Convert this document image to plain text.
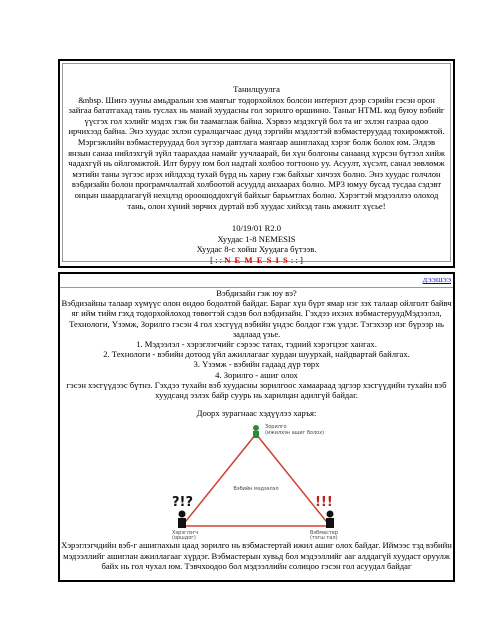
Танилцуулга

&nbsp. Шинэ зууны амьдралын хэв маягыг тодорхойлох болсон интернэт дээр сэрийн гэсэн орон зайгаа бататгахад тань туслах нь манай хуудасны гол зорилго өршинно. Таныг HTML код буюу вэбийг үүсгэх гол хэлийг мэдэх гэж би таамаглаж байна. Хэрвээ мэдэхгүй бол та иг эхлэн газраа одоо ирчихээд байна. Энэ хуудас эхлэн суралцагчаас дунд зэргийн мэдлэгтэй вэбмастеруудад тохиромжтой. Мэргэжлийн вэбмастеруудад бол зүгээр давтлага маягаар ашиглахад хэрэг болж болох юм. Элдэв янзын санаа нийлэхгүй зүйл таарахдаа намайг уучлаарай, би хүн болгоны санаанд хүрсэн бүтээл хийж чадахгүй нь ойлгомжтой. Илт буруу юм бол надтай холбоо тогтооно уу. Асуулт, хүсэлт, санал зөвлөмж мэтийн таны зүгээс ирэх ийлдхэд тухай бүрд нь хариу гэж байхыг хичээх болно. Энэ хуудас голчлон вэбдизайн болон програмчлалтай холбоотой асуудлд анхаарах болно. MP3 юмуу бусад тусдаа сэдэвт онцын шаардлагагүй нехцлэд ороошоддохгүй байхыг барьмтлах болно. Хэрэгтэй мэдээллээ олоход тань, олон хүний зөрчих дуртай вэб хуудас хийхэд тань амжилт хүсье!

10/19/01 R2.0

Хуудас 1-8 NEMESIS

Хуудас 8-с хойш Хуудага бүтээв.

[ : : N E M E S I S : : ]

ДЭЭШЭЭ

Вэбдизайн гэж юу вэ?

Вэбдизайны талаар хүмүүс олон өндөо бодолтой байдаг. Бараг хүн бүрт ямар нэг зэх талаар ойлголт байвч яг ийм тийм гэхд тодорхойлоход төвөгтэй сэдэв бол вэбдизайн. Гэхдээ ихэнх вэбмастеруудМэдээлэл, Технологи, Үзэмж, Зорилго гэсэн 4 гол хэсгүүд вэбийн үндэс болдог гэж үздэг. Тэгэхээр нэг бүрээр нь задлаад үзье.

1. Мэдээлэл - хэрэглэгчийг сэрээс татах, тэдний хэрэгцээг хангах.

2. Технологи - вэбийн дотоод үйл ажиллагааг хурдан шуурхай, найдвартай байлгах.

3. Үзэмж - вэбийн гадаад дүр төрх

4. Зорилго - ашиг олох

гэсэн хэсгүүдээс бүтнэ. Гэхдээ тухайн вэб хуудасны зорилгоос хамаараад эдгээр хэсгүүдийн тухайн вэб хуудсанд эзлэх байр суурь нь харилцан адилгүй байдаг.

Доорх зурагнаас хэдүүлээ харъя:

Зорилго (ижилхэн ашиг болох)
?!?
Хэрэглэгч
(оршдог)
!!!
Вэбмастер
(тэгш тал)
Вэбийн мэдээлэл

Хэрэглэгчдийн вэб-г ашиглахын цаад зорилго нь вэбмастертай ижил ашиг олох байдаг. Иймээс тэд вэбийн мэдээллийг ашиглан ажиллагааг хүрдэг. Вэбмастерын хувьд бол мэдээллийг ааг алддагүй хуудаст оруулж байх нь гол чухал юм. Тэвчхоодоо бол мэдээллийн солицоо гэсэн гол асуудал байдаг
